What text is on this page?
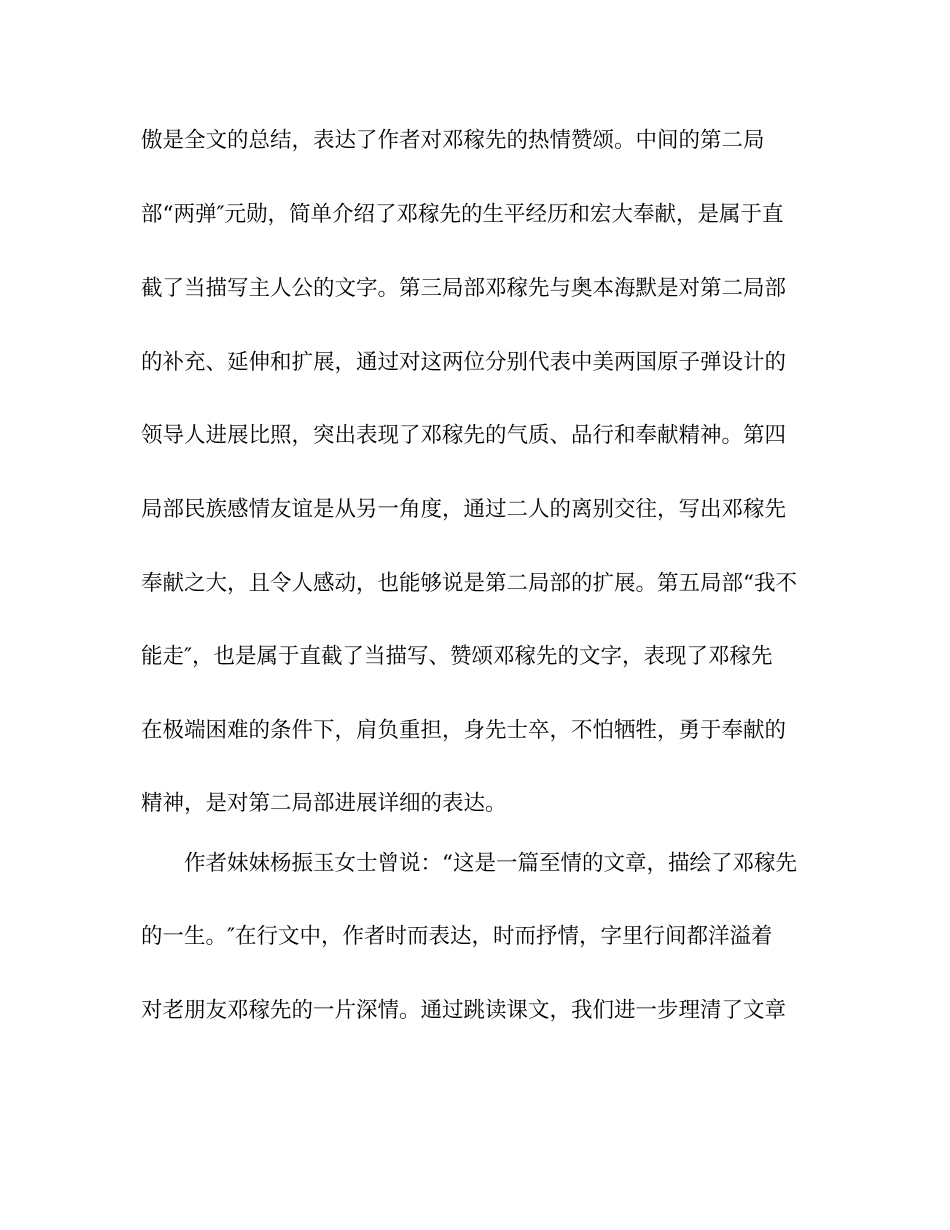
傲是全文的总结，表达了作者对邓稼先的热情赞颂。中间的第二局
部“两弹″元勋，简单介绍了邓稼先的生平经历和宏大奉献，是属于直
截了当描写主人公的文字。第三局部邓稼先与奥本海默是对第二局部
的补充、延伸和扩展，通过对这两位分别代表中美两国原子弹设计的
领导人进展比照，突出表现了邓稼先的气质、品行和奉献精神。第四
局部民族感情友谊是从另一角度，通过二人的离别交往，写出邓稼先
奉献之大，且令人感动，也能够说是第二局部的扩展。第五局部“我不
能走″，也是属于直截了当描写、赞颂邓稼先的文字，表现了邓稼先
在极端困难的条件下，肩负重担，身先士卒，不怕牺牲，勇于奉献的
精神，是对第二局部进展详细的表达。
作者妹妹杨振玉女士曾说：“这是一篇至情的文章，描绘了邓稼先
的一生。″在行文中，作者时而表达，时而抒情，字里行间都洋溢着
对老朋友邓稼先的一片深情。通过跳读课文，我们进一步理清了文章
